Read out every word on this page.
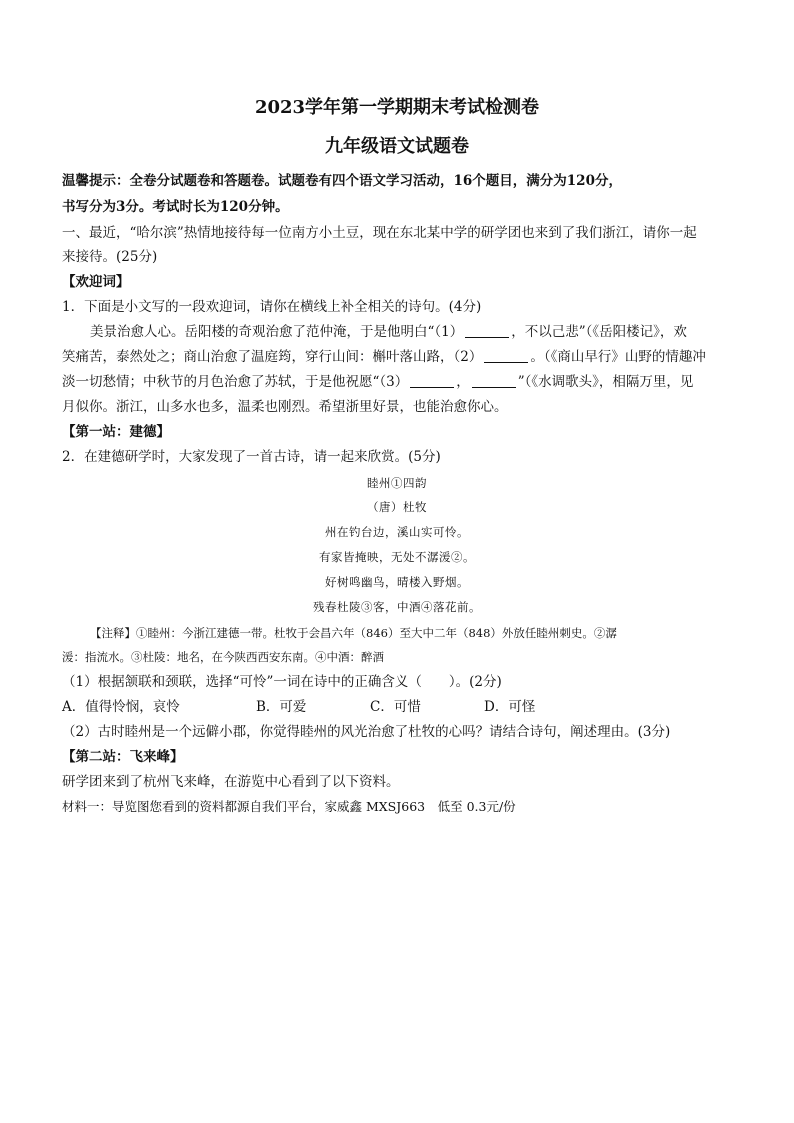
2023学年第一学期期末考试检测卷
九年级语文试题卷
温馨提示：全卷分试题卷和答题卷。试题卷有四个语文学习活动，16个题目，满分为120分，
书写分为3分。考试时长为120分钟。
一、最近，“哈尔滨”热情地接待每一位南方小土豆，现在东北某中学的研学团也来到了我们浙江，请你一起
来接待。(25分)
【欢迎词】
1．下面是小文写的一段欢迎词，请你在横线上补全相关的诗句。(4分)
美景治愈人心。岳阳楼的奇观治愈了范仲淹，于是他明白“（1）	，不以己悲”（《岳阳楼记》，欢
笑痛苦，泰然处之；商山治愈了温庭筠，穿行山间：槲叶落山路，（2）	。（《商山早行》山野的情趣冲
淡一切愁情；中秋节的月色治愈了苏轼，于是他祝愿“（3）	，	”（《水调歌头》，相隔万里，见
月似你。浙江，山多水也多，温柔也刚烈。希望浙里好景，也能治愈你心。
【第一站：建德】
2．在建德研学时，大家发现了一首古诗，请一起来欣赏。(5分)
睦州①四韵
（唐）杜牧
州在钓台边，溪山实可怜。
有家皆掩映，无处不潺湲②。
好树鸣幽鸟，晴楼入野烟。
残春杜陵③客，中酒④落花前。
【注释】①睦州：今浙江建德一带。杜牧于会昌六年（846）至大中二年（848）外放任睦州刺史。②潺
湲：指流水。③杜陵：地名，在今陕西西安东南。④中酒：醉酒
（1）根据颔联和颈联，选择“可怜”一词在诗中的正确含义（　　）。(2分)
A．值得怜悯，哀怜	B．可爱	C．可惜	D．可怪
（2）古时睦州是一个远僻小郡，你觉得睦州的风光治愈了杜牧的心吗？请结合诗句，阐述理由。(3分)
【第二站：飞来峰】
研学团来到了杭州飞来峰，在游览中心看到了以下资料。
材料一：导览图您看到的资料都源自我们平台，家威鑫 MXSJ663　低至 0.3元/份
